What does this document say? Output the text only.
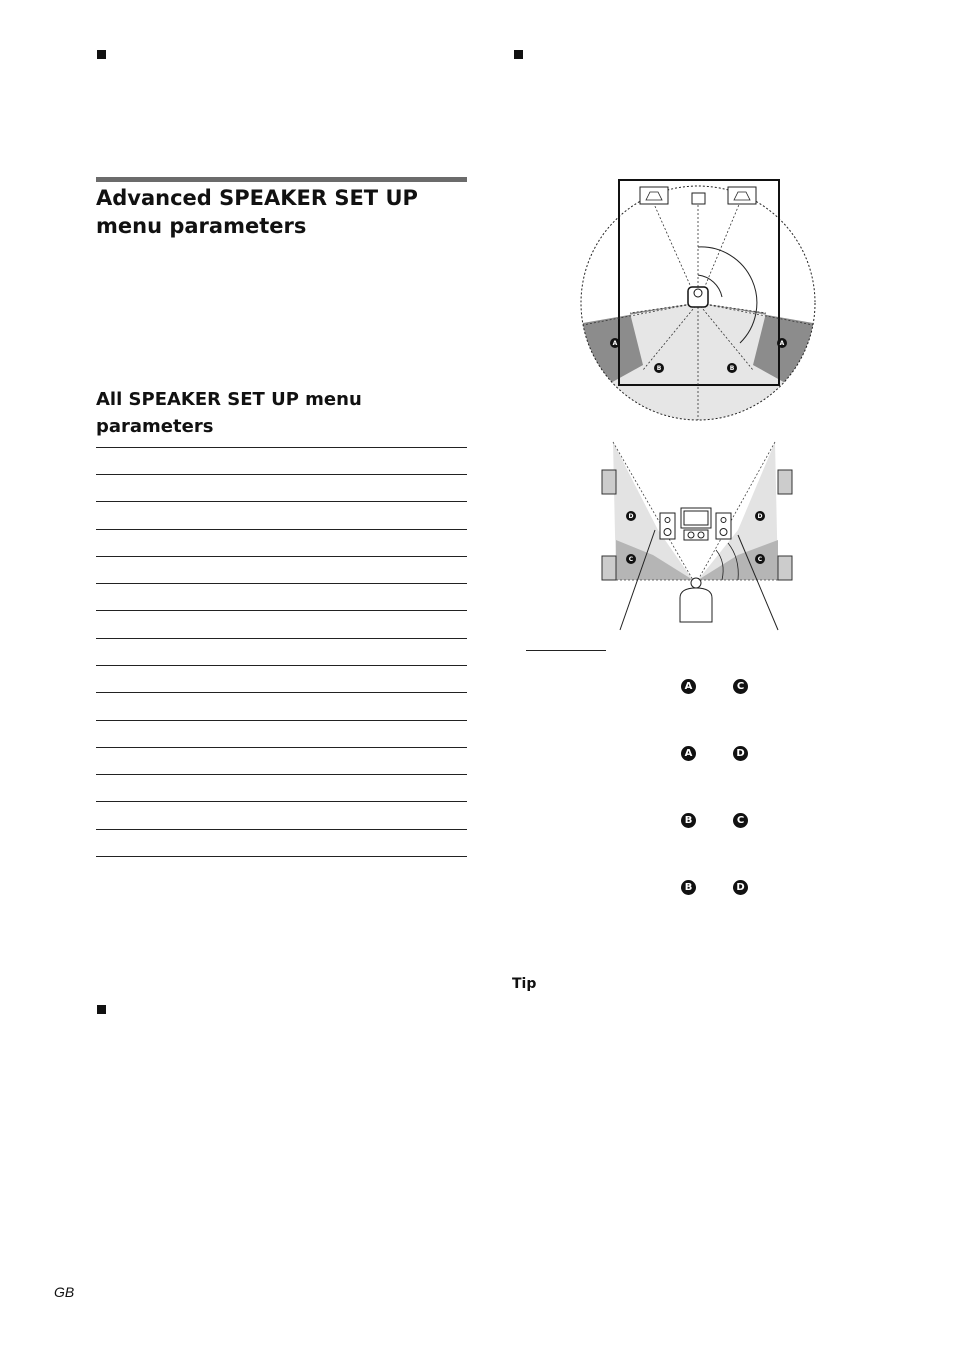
Advanced SPEAKER SET UP
menu parameters
All SPEAKER SET UP menu
parameters
A
B	B
A
D
C
D
C
A	C
A	D
B	C
B	D
Tip
GB
